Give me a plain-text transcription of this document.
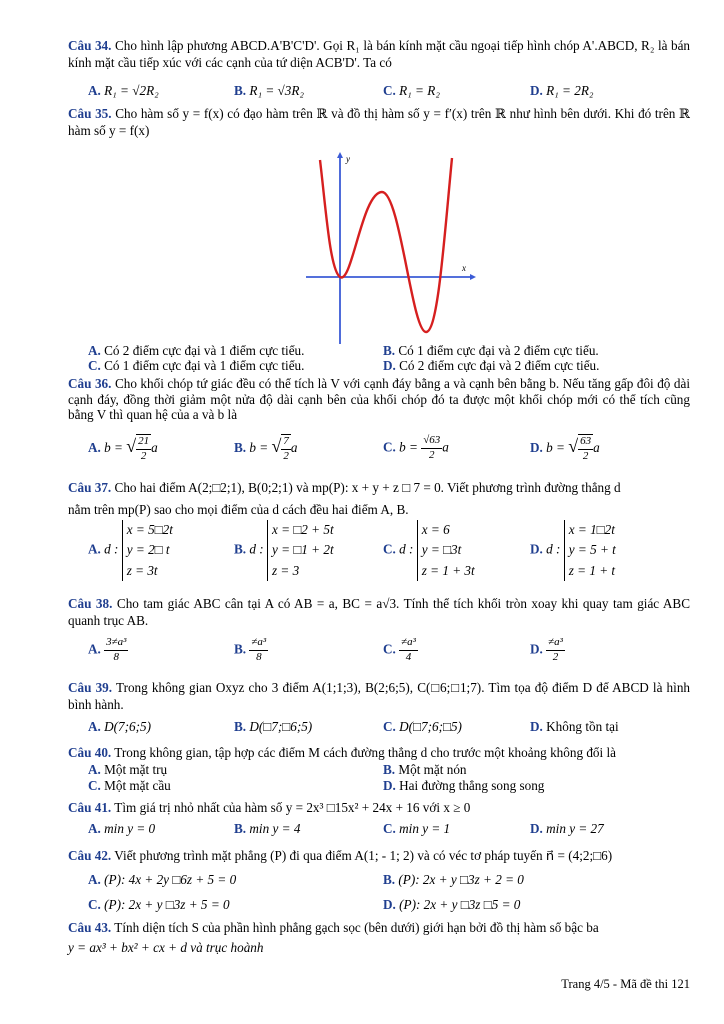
Câu 34. Cho hình lập phương ABCD.A'B'C'D'. Gọi R₁ là bán kính mặt cầu ngoại tiếp hình chóp A'.ABCD, R₂ là bán kính mặt cầu tiếp xúc với các cạnh của tứ diện ACB'D'. Ta có
A. R₁ = √2R₂	B. R₁ = √3R₂	C. R₁ = R₂	D. R₁ = 2R₂
Câu 35. Cho hàm số y = f(x) có đạo hàm trên ℝ và đồ thị hàm số y = f′(x) trên ℝ như hình bên dưới. Khi đó trên ℝ hàm số y = f(x)
x
y
A. Có 2 điểm cực đại và 1 điểm cực tiểu.	B. Có 1 điểm cực đại và 2 điểm cực tiểu.
C. Có 1 điểm cực đại và 1 điểm cực tiểu.	D. Có 2 điểm cực đại và 2 điểm cực tiểu.
Câu 36. Cho khối chóp tứ giác đều có thể tích là V với cạnh đáy bằng a và cạnh bên bằng b. Nếu tăng gấp đôi độ dài cạnh đáy, đồng thời giảm một nửa độ dài cạnh bên của khối chóp đó ta được một khối chóp mới có thể tích cũng bằng V thì quan hệ của a và b là
A. b = √ $\frac{21}{2}$ a	B. b = √ $\frac{7}{2}$ a	C. $b = \frac{√63}{2}$ a	D. b = √ $\frac{63}{2}$ a
Câu 37. Cho hai điểm A(2;□2;1), B(0;2;1) và mp(P): x + y + z □ 7 = 0. Viết phương trình đường thẳng d
nằm trên mp(P) sao cho mọi điểm của d cách đều hai điểm A, B.
A. d : x = 5□2t
y = 2□ t
z = 3t
B. d : x = □2 + 5t
y = □1 + 2t
z = 3
C. d : x = 6
y = □3t
z = 1 + 3t
D. d : x = 1□2t
y = 5 + t
z = 1 + t
Câu 38. Cho tam giác ABC cân tại A có AB = a, BC = a√3. Tính thể tích khối tròn xoay khi quay tam giác ABC quanh trục AB.
A. $\frac{\text{3≠a³}}{8}$	B. $\frac{\text{≠a³}}{8}$	C. $\frac{\text{≠a³}}{4}$	D. $\frac{\text{≠a³}}{2}$
Câu 39. Trong không gian Oxyz cho 3 điểm A(1;1;3), B(2;6;5), C(□6;□1;7). Tìm tọa độ điểm D để ABCD là hình bình hành.
A. D(7;6;5)	B. D(□7;□6;5)	C. D(□7;6;□5)	D. Không tồn tại
Câu 40. Trong không gian, tập hợp các điểm M cách đường thẳng d cho trước một khoảng không đổi là
A. Một mặt trụ	B. Một mặt nón
C. Một mặt cầu	D. Hai đường thẳng song song
Câu 41. Tìm giá trị nhỏ nhất của hàm số y = 2x³ □15x² + 24x + 16 với x ≥ 0
A. min y = 0	B. min y = 4	C. min y = 1	D. min y = 27
Câu 42. Viết phương trình mặt phẳng (P) đi qua điểm A(1; - 1; 2) và có véc tơ pháp tuyến n⃗ = (4;2;□6)
A. (P): 4x + 2y □6z + 5 = 0	B. (P): 2x + y □3z + 2 = 0
C. (P): 2x + y □3z + 5 = 0	D. (P): 2x + y □3z □5 = 0
Câu 43. Tính diện tích S của phần hình phẳng gạch sọc (bên dưới) giới hạn bởi đồ thị hàm số bậc ba
y = ax³ + bx² + cx + d và trục hoành
Trang 4/5 - Mã đề thi 121
